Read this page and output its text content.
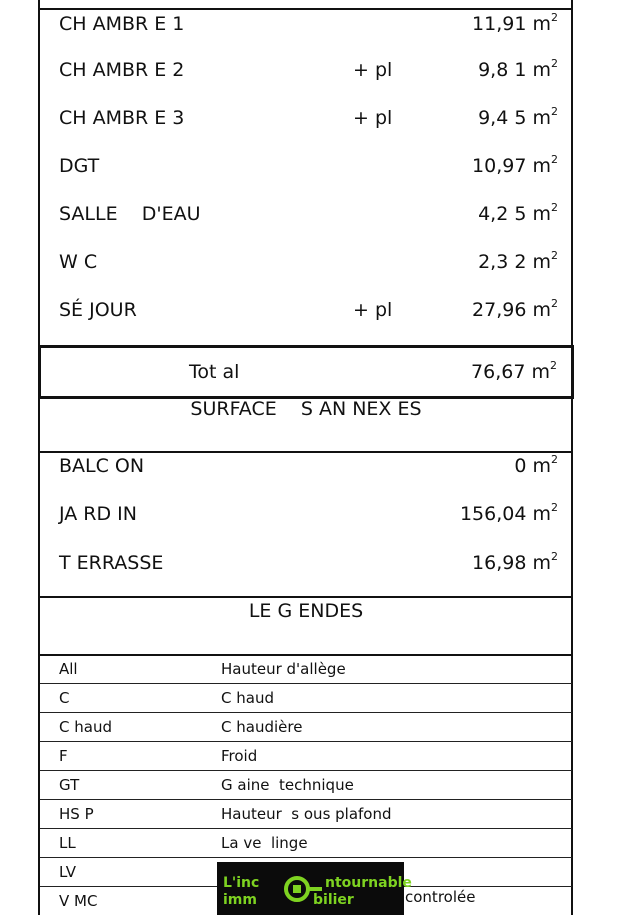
CH AMBR E 1	11,91 $m^2$
CH AMBR E 2	+ pl	9,8 1 $m^2$
CH AMBR E 3	+ pl	9,4 5 $m^2$
DGT	10,97 $m^2$
SALLE    D'EAU	4,2 5 $m^2$
W C	2,3 2 $m^2$
SÉ JOUR	+ pl	27,96 $m^2$
Tot al	76,67 $m^2$
SURFACE    S AN NEX ES
BALC ON	0 $m^2$
JA RD IN	156,04 $m^2$
T ERRASSE	16,98 $m^2$
LE G ENDES
All	Hauteur d'allège
C	C haud
C haud	C haudière
F	Froid
GT	G aine  technique
HS P	Hauteur  s ous plafond
LL	La ve  linge
LV
V MC	controlée
L'inc	ntournable
imm	bilier
